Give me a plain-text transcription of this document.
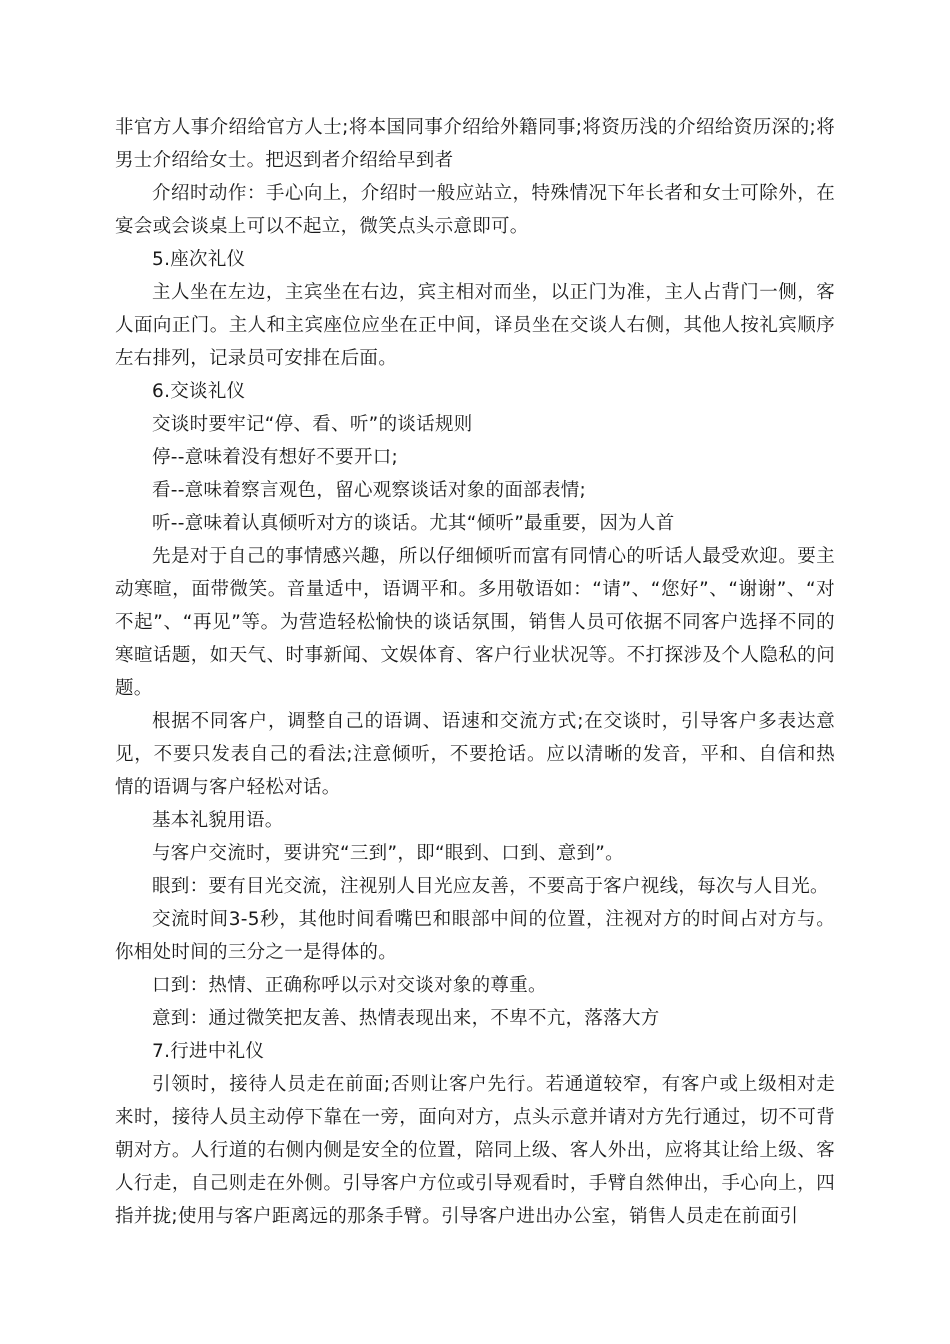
非官方人事介绍给官方人士;将本国同事介绍给外籍同事;将资历浅的介绍给资历深的;将男士介绍给女士。把迟到者介绍给早到者

介绍时动作：手心向上，介绍时一般应站立，特殊情况下年长者和女士可除外，在宴会或会谈桌上可以不起立，微笑点头示意即可。

5.座次礼仪

主人坐在左边，主宾坐在右边，宾主相对而坐，以正门为准，主人占背门一侧，客人面向正门。主人和主宾座位应坐在正中间，译员坐在交谈人右侧，其他人按礼宾顺序左右排列，记录员可安排在后面。

6.交谈礼仪

交谈时要牢记“停、看、听”的谈话规则

停--意味着没有想好不要开口;

看--意味着察言观色，留心观察谈话对象的面部表情;

听--意味着认真倾听对方的谈话。尤其“倾听”最重要，因为人首

先是对于自己的事情感兴趣，所以仔细倾听而富有同情心的听话人最受欢迎。要主动寒暄，面带微笑。音量适中，语调平和。多用敬语如：“请”、“您好”、“谢谢”、“对不起”、“再见”等。为营造轻松愉快的谈话氛围，销售人员可依据不同客户选择不同的寒暄话题，如天气、时事新闻、文娱体育、客户行业状况等。不打探涉及个人隐私的问题。

根据不同客户，调整自己的语调、语速和交流方式;在交谈时，引导客户多表达意见，不要只发表自己的看法;注意倾听，不要抢话。应以清晰的发音，平和、自信和热情的语调与客户轻松对话。

基本礼貌用语。

与客户交流时，要讲究“三到”，即“眼到、口到、意到”。

眼到：要有目光交流，注视别人目光应友善，不要高于客户视线，每次与人目光。

交流时间3-5秒，其他时间看嘴巴和眼部中间的位置，注视对方的时间占对方与。你相处时间的三分之一是得体的。

口到：热情、正确称呼以示对交谈对象的尊重。

意到：通过微笑把友善、热情表现出来，不卑不亢，落落大方

7.行进中礼仪

引领时，接待人员走在前面;否则让客户先行。若通道较窄，有客户或上级相对走来时，接待人员主动停下靠在一旁，面向对方，点头示意并请对方先行通过，切不可背朝对方。人行道的右侧内侧是安全的位置，陪同上级、客人外出，应将其让给上级、客人行走，自己则走在外侧。引导客户方位或引导观看时，手臂自然伸出，手心向上，四指并拢;使用与客户距离远的那条手臂。引导客户进出办公室，销售人员走在前面引
